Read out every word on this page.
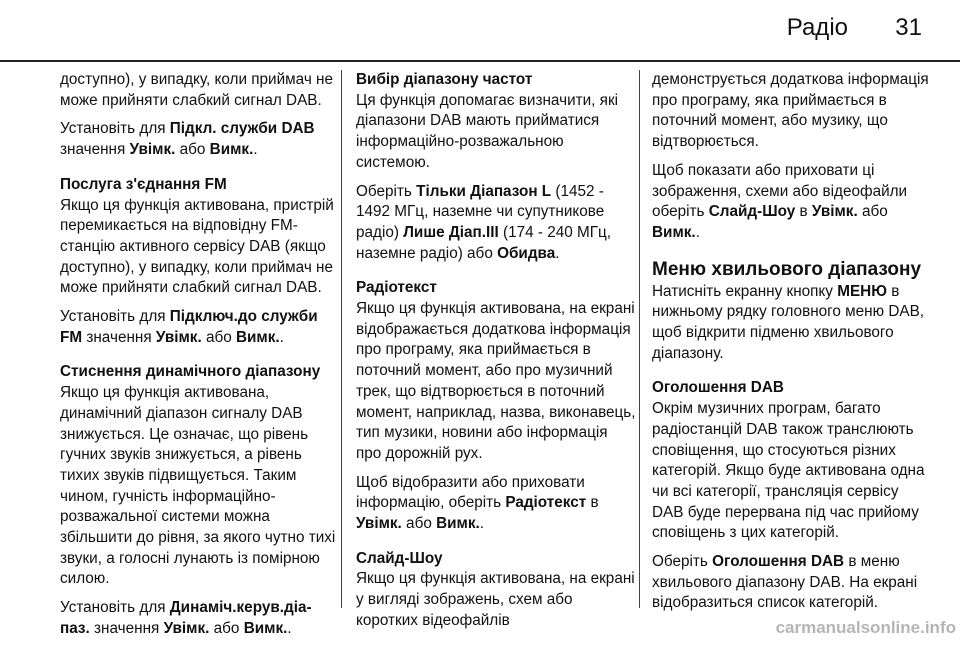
Радіо	31

доступно), у випадку, коли приймач не може прийняти слабкий сигнал DAB.

Установіть для Підкл. служби DAB значення Увімк. або Вимк..

Послуга з'єднання FM

Якщо ця функція активована, пристрій перемикається на відповідну FM-станцію активного сервісу DAB (якщо доступно), у випадку, коли приймач не може прийняти слабкий сигнал DAB.

Установіть для Підключ.до служби FM значення Увімк. або Вимк..

Стиснення динамічного діапазону

Якщо ця функція активована, динамічний діапазон сигналу DAB знижується. Це означає, що рівень гучних звуків знижується, а рівень тихих звуків підвищується. Таким чином, гучність інформаційно-розважальної системи можна збільшити до рівня, за якого чутно тихі звуки, а голосні лунають із помірною силою.

Установіть для Динаміч.керув.діа-паз. значення Увімк. або Вимк..

Вибір діапазону частот

Ця функція допомагає визначити, які діапазони DAB мають прийматися інформаційно-розважальною системою.

Оберіть Тільки Діапазон L (1452 - 1492 МГц, наземне чи супутникове радіо) Лише Діап.III (174 - 240 МГц, наземне радіо) або Обидва.

Радіотекст

Якщо ця функція активована, на екрані відображається додаткова інформація про програму, яка приймається в поточний момент, або про музичний трек, що відтворюється в поточний момент, наприклад, назва, виконавець, тип музики, новини або інформація про дорожній рух.

Щоб відобразити або приховати інформацію, оберіть Радіотекст в Увімк. або Вимк..

Слайд-Шоу

Якщо ця функція активована, на екрані у вигляді зображень, схем або коротких відеофайлів

демонструється додаткова інформація про програму, яка приймається в поточний момент, або музику, що відтворюється.

Щоб показати або приховати ці зображення, схеми або відеофайли оберіть Слайд-Шоу в Увімк. або Вимк..

Меню хвильового діапазону

Натисніть екранну кнопку МЕНЮ в нижньому рядку головного меню DAB, щоб відкрити підменю хвильового діапазону.

Оголошення DAB

Окрім музичних програм, багато радіостанцій DAB також транслюють сповіщення, що стосуються різних категорій. Якщо буде активована одна чи всі категорії, трансляція сервісу DAB буде перервана під час прийому сповіщень з цих категорій.

Оберіть Оголошення DAB в меню хвильового діапазону DAB. На екрані відобразиться список категорій.

carmanualsonline.info
